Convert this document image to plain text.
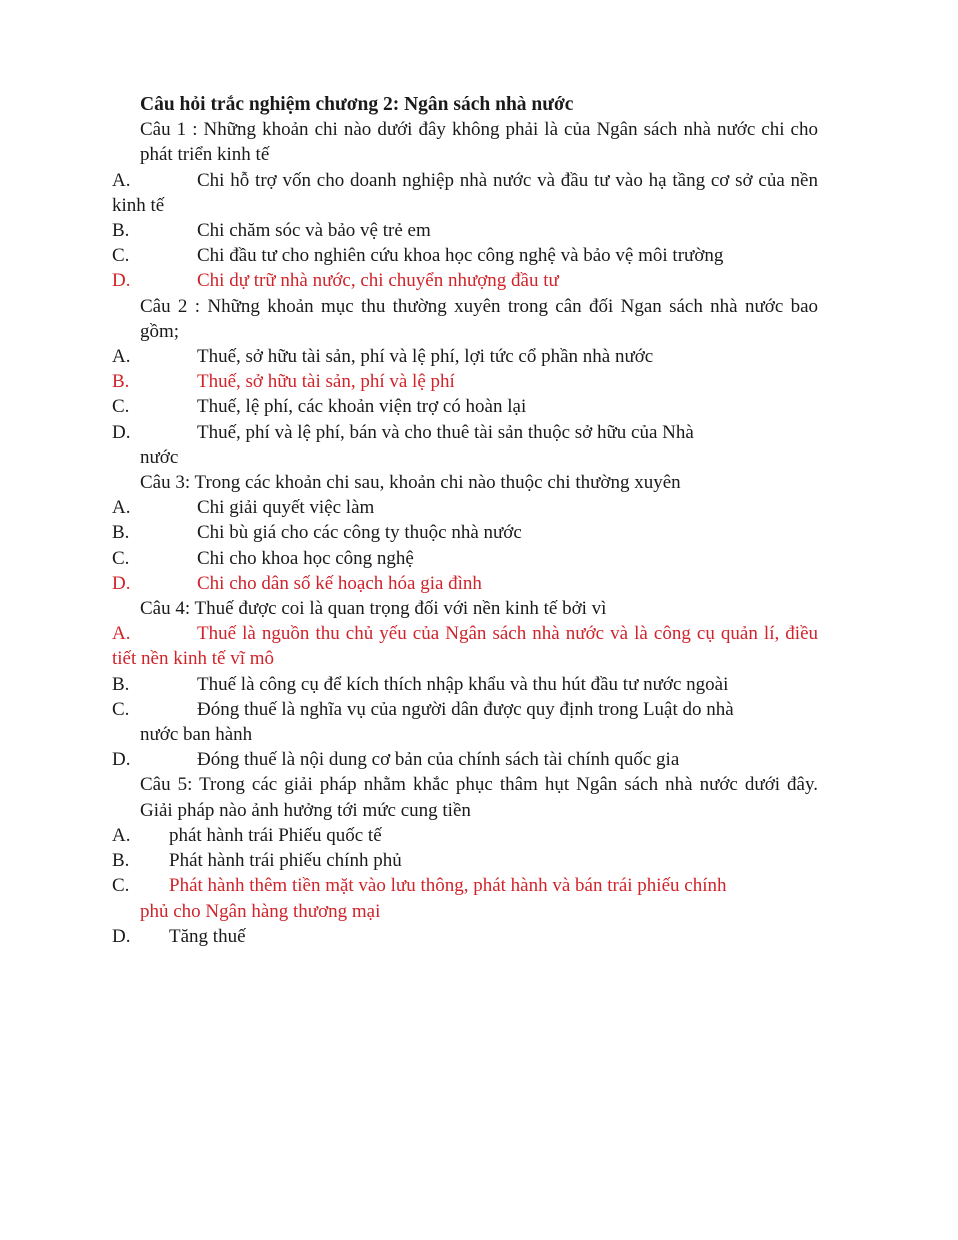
Câu hỏi trắc nghiệm chương 2: Ngân sách nhà nước
Câu 1 : Những khoản chi nào dưới đây không phải là của Ngân sách nhà nước chi cho phát triển kinh tế
A.	Chi hỗ trợ vốn cho doanh nghiệp nhà nước và đầu tư vào hạ tầng cơ sở của nền kinh tế
B.	Chi chăm sóc và bảo vệ trẻ em
C.	Chi đầu tư cho nghiên cứu khoa học công nghệ và bảo vệ môi trường
D.	Chi dự trữ nhà nước, chi chuyển nhượng đầu tư
Câu 2 : Những khoản mục thu thường xuyên trong cân đối Ngan sách nhà nước bao gồm;
A.	Thuế, sở hữu tài sản, phí và lệ phí, lợi tức cổ phần nhà nước
B.	Thuế, sở hữu tài sản, phí và lệ phí
C.	Thuế, lệ phí, các khoản viện trợ có hoàn lại
D.	Thuế, phí và lệ phí, bán và cho thuê tài sản thuộc sở hữu của Nhà
nước
Câu 3: Trong các khoản chi sau, khoản chi nào thuộc chi thường xuyên
A.	Chi giải quyết việc làm
B.	Chi bù giá cho các công ty thuộc nhà nước
C.	Chi cho khoa học công nghệ
D.	Chi cho dân số kế hoạch hóa gia đình
Câu 4: Thuế được coi là quan trọng đối với nền kinh tế bởi vì
A.	Thuế là nguồn thu chủ yếu của Ngân sách nhà nước và là công cụ quản lí, điều tiết nền kinh tế vĩ mô
B.	Thuế là công cụ để kích thích nhập khẩu và thu hút đầu tư nước ngoài
C.	Đóng thuế là nghĩa vụ của người dân được quy định trong Luật do nhà
nước ban hành
D.	Đóng thuế là nội dung cơ bản của chính sách tài chính quốc gia
Câu 5: Trong các giải pháp nhằm khắc phục thâm hụt Ngân sách nhà nước dưới đây. Giải pháp nào ảnh hưởng tới mức cung tiền
A. phát hành trái Phiếu quốc tế
B. Phát hành trái phiếu chính phủ
C. Phát hành thêm tiền mặt vào lưu thông, phát hành và bán trái phiếu chính
phủ cho Ngân hàng thương mại
D. Tăng thuế
